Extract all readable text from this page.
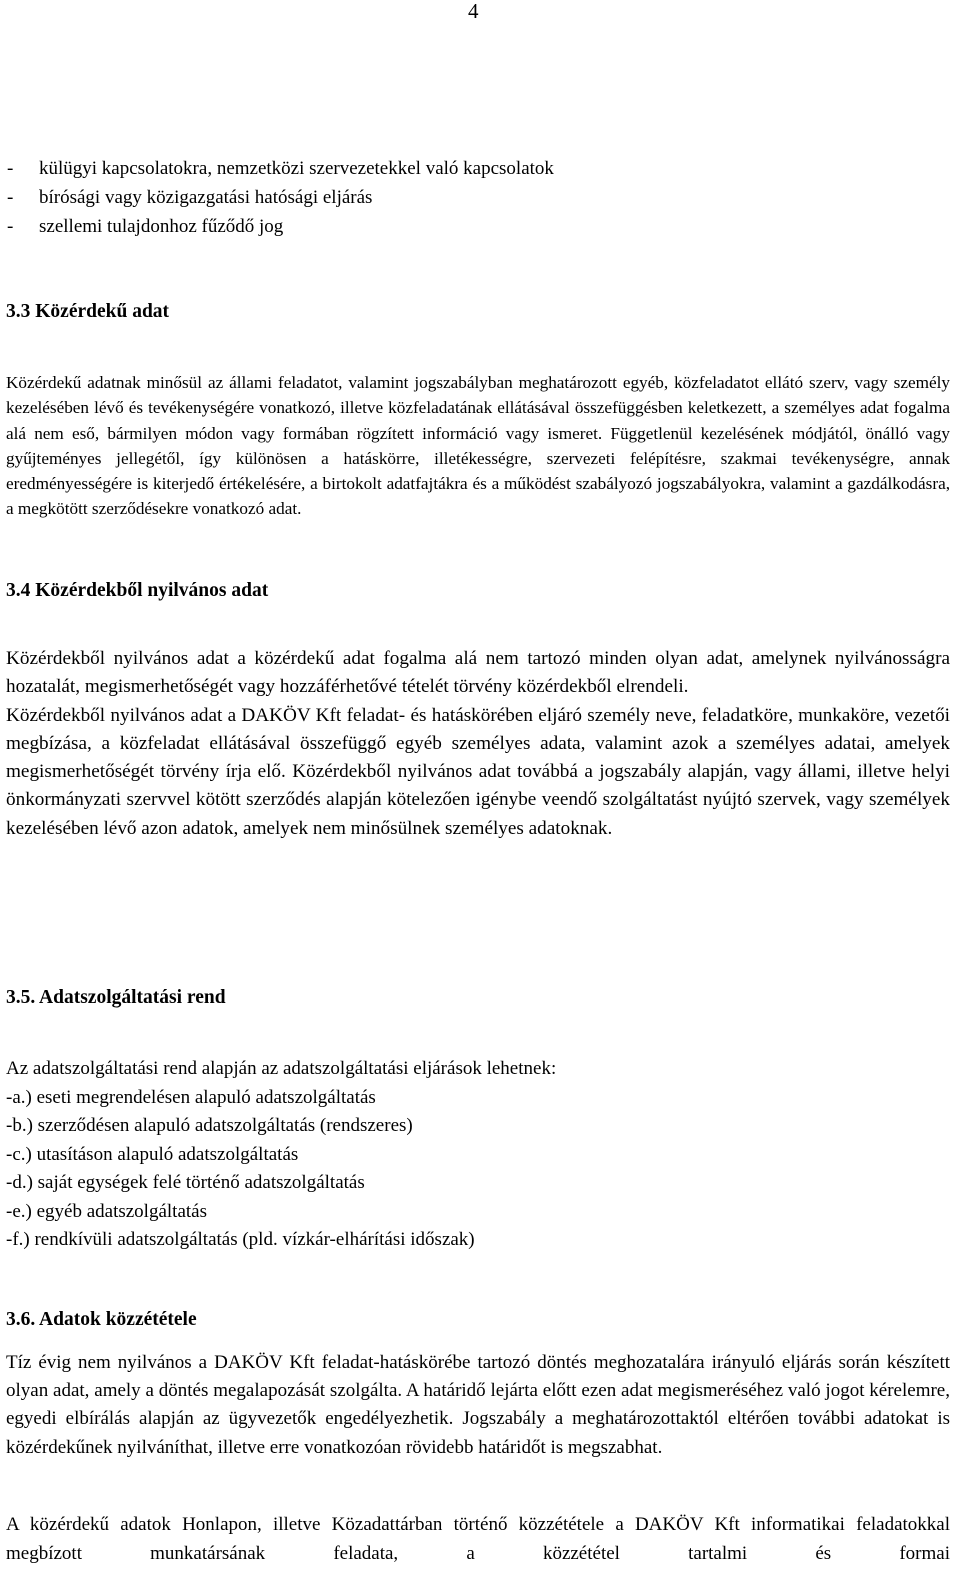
4
-	külügyi kapcsolatokra, nemzetközi szervezetekkel való kapcsolatok
-	bírósági vagy közigazgatási hatósági eljárás
-	szellemi tulajdonhoz fűződő jog
3.3 Közérdekű adat

Közérdekű adatnak minősül az állami feladatot, valamint jogszabályban meghatározott egyéb, közfeladatot ellátó szerv, vagy személy kezelésében lévő és tevékenységére vonatkozó, illetve közfeladatának ellátásával összefüggésben keletkezett, a személyes adat fogalma alá nem eső, bármilyen módon vagy formában rögzített információ vagy ismeret. Függetlenül kezelésének módjától, önálló vagy gyűjteményes jellegétől, így különösen a hatáskörre, illetékességre, szervezeti felépítésre, szakmai tevékenységre, annak eredményességére is kiterjedő értékelésére, a birtokolt adatfajtákra és a működést szabályozó jogszabályokra, valamint a gazdálkodásra, a megkötött szerződésekre vonatkozó adat.

3.4 Közérdekből nyilvános adat

Közérdekből nyilvános adat a közérdekű adat fogalma alá nem tartozó minden olyan adat, amelynek nyilvánosságra hozatalát, megismerhetőségét vagy hozzáférhetővé tételét törvény közérdekből elrendeli.

Közérdekből nyilvános adat a DAKÖV Kft feladat- és hatáskörében eljáró személy neve, feladatköre, munkaköre, vezetői megbízása, a közfeladat ellátásával összefüggő egyéb személyes adata, valamint azok a személyes adatai, amelyek megismerhetőségét törvény írja elő. Közérdekből nyilvános adat továbbá a jogszabály alapján, vagy állami, illetve helyi önkormányzati szervvel kötött szerződés alapján kötelezően igénybe veendő szolgáltatást nyújtó szervek, vagy személyek kezelésében lévő azon adatok, amelyek nem minősülnek személyes adatoknak.

3.5. Adatszolgáltatási rend
Az adatszolgáltatási rend alapján az adatszolgáltatási eljárások lehetnek:
-a.) eseti megrendelésen alapuló adatszolgáltatás
-b.) szerződésen alapuló adatszolgáltatás (rendszeres)
-c.) utasításon alapuló adatszolgáltatás
-d.) saját egységek felé történő adatszolgáltatás
-e.) egyéb adatszolgáltatás
-f.) rendkívüli adatszolgáltatás (pld. vízkár-elhárítási időszak)
3.6. Adatok közzététele

Tíz évig nem nyilvános a DAKÖV Kft feladat-hatáskörébe tartozó döntés meghozatalára irányuló eljárás során készített olyan adat, amely a döntés megalapozását szolgálta. A határidő lejárta előtt ezen adat megismeréséhez való jogot kérelemre, egyedi elbírálás alapján az ügyvezetők engedélyezhetik. Jogszabály a meghatározottaktól eltérően további adatokat is közérdekűnek nyilváníthat, illetve erre vonatkozóan rövidebb határidőt is megszabhat.

A közérdekű adatok Honlapon, illetve Közadattárban történő közzététele a DAKÖV Kft informatikai feladatokkal megbízott munkatársának feladata, a közzététel tartalmi és formai
